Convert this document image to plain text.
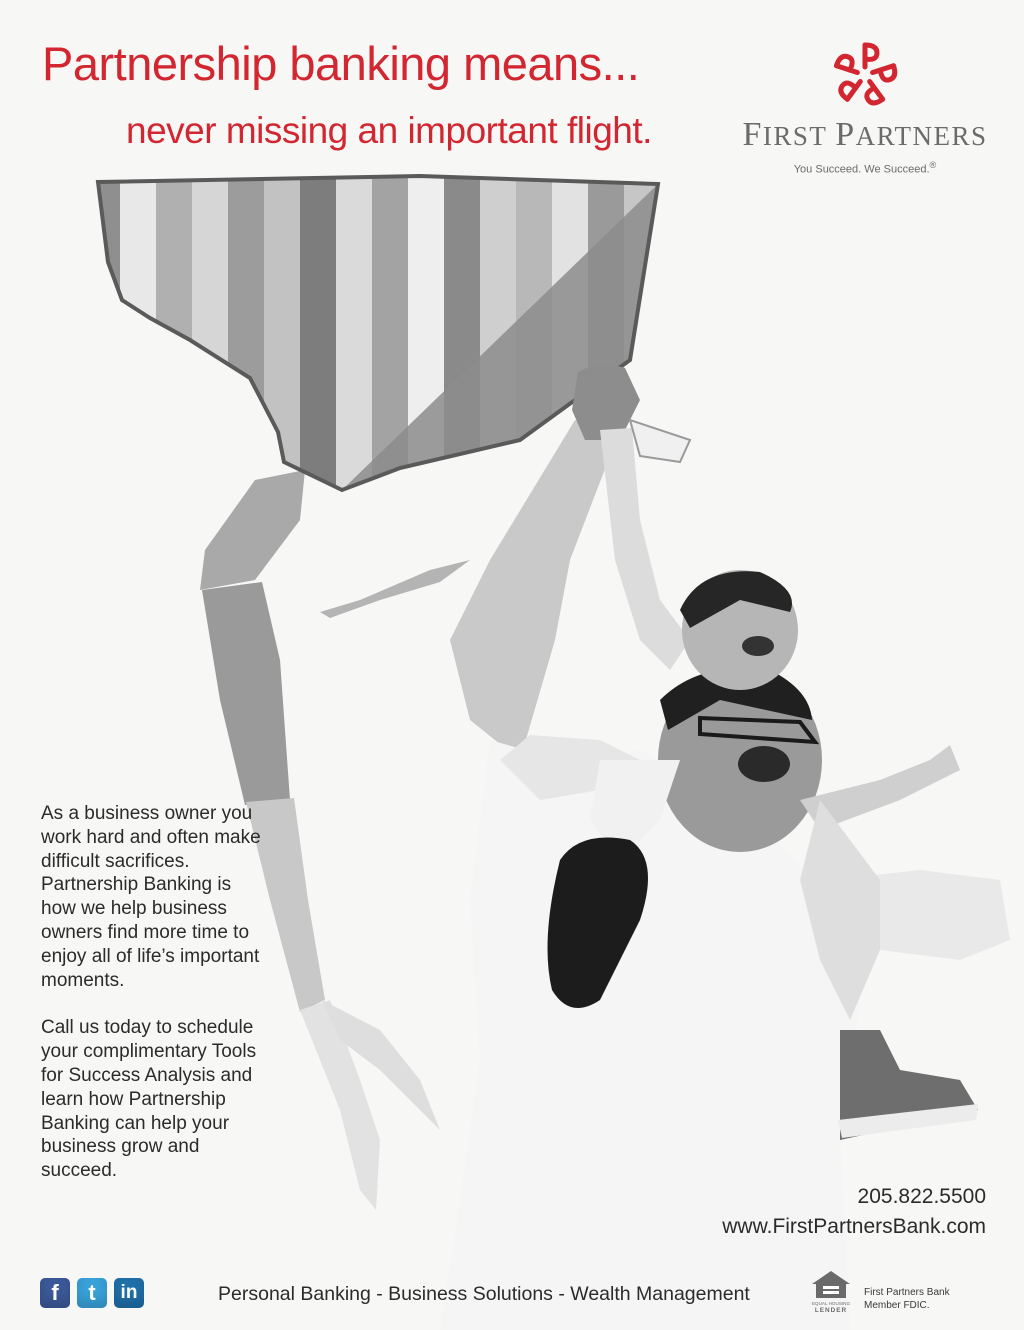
Partnership banking means...
never missing an important flight.	FIRST PARTNERS
You Succeed. We Succeed.®

As a business owner you work hard and often make difficult sacrifices. Partnership Banking is how we help business owners find more time to enjoy all of life’s important moments.

Call us today to schedule your complimentary Tools for Success Analysis and learn how Partnership Banking can help your business grow and succeed.

205.822.5500
www.FirstPartnersBank.com
f	t	in	Personal Banking - Business Solutions - Wealth Management	EQUAL HOUSING
LENDER
First Partners Bank
Member FDIC.
